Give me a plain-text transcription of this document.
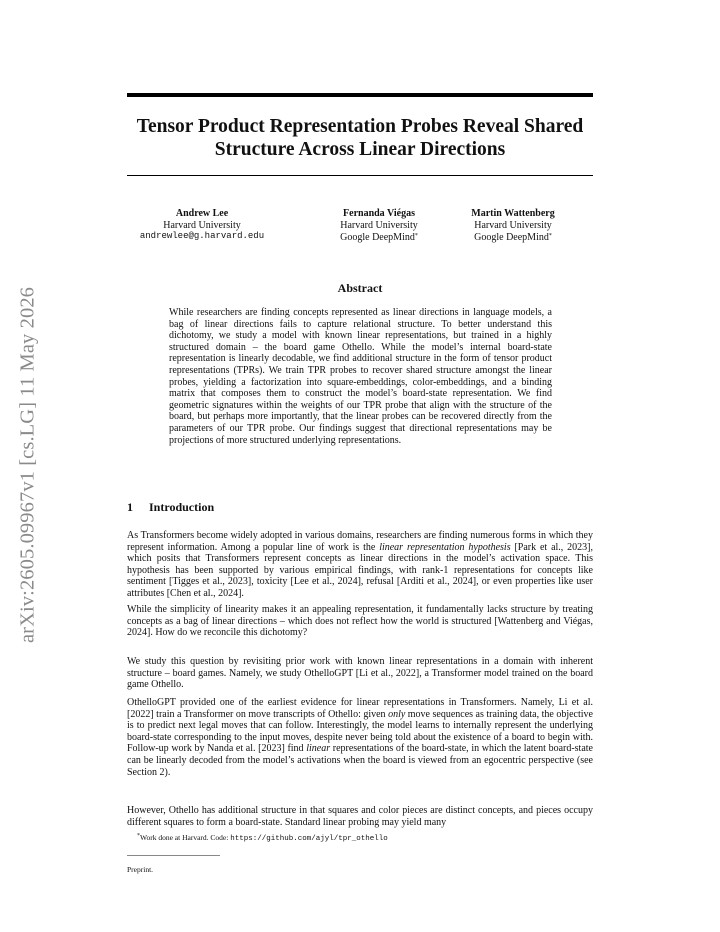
arXiv:2605.09967v1 [cs.LG] 11 May 2026
Tensor Product Representation Probes Reveal Shared Structure Across Linear Directions
Andrew Lee
Harvard University
andrewlee@g.harvard.edu
Fernanda Viégas
Harvard University
Google DeepMind*
Martin Wattenberg
Harvard University
Google DeepMind*
Abstract

While researchers are finding concepts represented as linear directions in language models, a bag of linear directions fails to capture relational structure. To better understand this dichotomy, we study a model with known linear representations, but trained in a highly structured domain – the board game Othello. While the model’s internal board-state representation is linearly decodable, we find additional structure in the form of tensor product representations (TPRs). We train TPR probes to recover shared structure amongst the linear probes, yielding a factorization into square-embeddings, color-embeddings, and a binding matrix that composes them to construct the model’s board-state representation. We find geometric signatures within the weights of our TPR probe that align with the structure of the board, but perhaps more importantly, that the linear probes can be recovered directly from the parameters of our TPR probe. Our findings suggest that directional representations may be projections of more structured underlying representations.

1 Introduction

As Transformers become widely adopted in various domains, researchers are finding numerous forms in which they represent information. Among a popular line of work is the linear representation hypothesis [Park et al., 2023], which posits that Transformers represent concepts as linear directions in the model’s activation space. This hypothesis has been supported by various empirical findings, with rank-1 representations for concepts like sentiment [Tigges et al., 2023], toxicity [Lee et al., 2024], refusal [Arditi et al., 2024], or even properties like user attributes [Chen et al., 2024].

While the simplicity of linearity makes it an appealing representation, it fundamentally lacks structure by treating concepts as a bag of linear directions – which does not reflect how the world is structured [Wattenberg and Viégas, 2024]. How do we reconcile this dichotomy?

We study this question by revisiting prior work with known linear representations in a domain with inherent structure – board games. Namely, we study OthelloGPT [Li et al., 2022], a Transformer model trained on the board game Othello.

OthelloGPT provided one of the earliest evidence for linear representations in Transformers. Namely, Li et al. [2022] train a Transformer on move transcripts of Othello: given only move sequences as training data, the objective is to predict next legal moves that can follow. Interestingly, the model learns to internally represent the underlying board-state corresponding to the input moves, despite never being told about the existence of a board to begin with. Follow-up work by Nanda et al. [2023] find linear representations of the board-state, in which the latent board-state can be linearly decoded from the model’s activations when the board is viewed from an egocentric perspective (see Section 2).

However, Othello has additional structure in that squares and color pieces are distinct concepts, and pieces occupy different squares to form a board-state. Standard linear probing may yield many

*Work done at Harvard. Code: https://github.com/ajyl/tpr_othello

Preprint.
